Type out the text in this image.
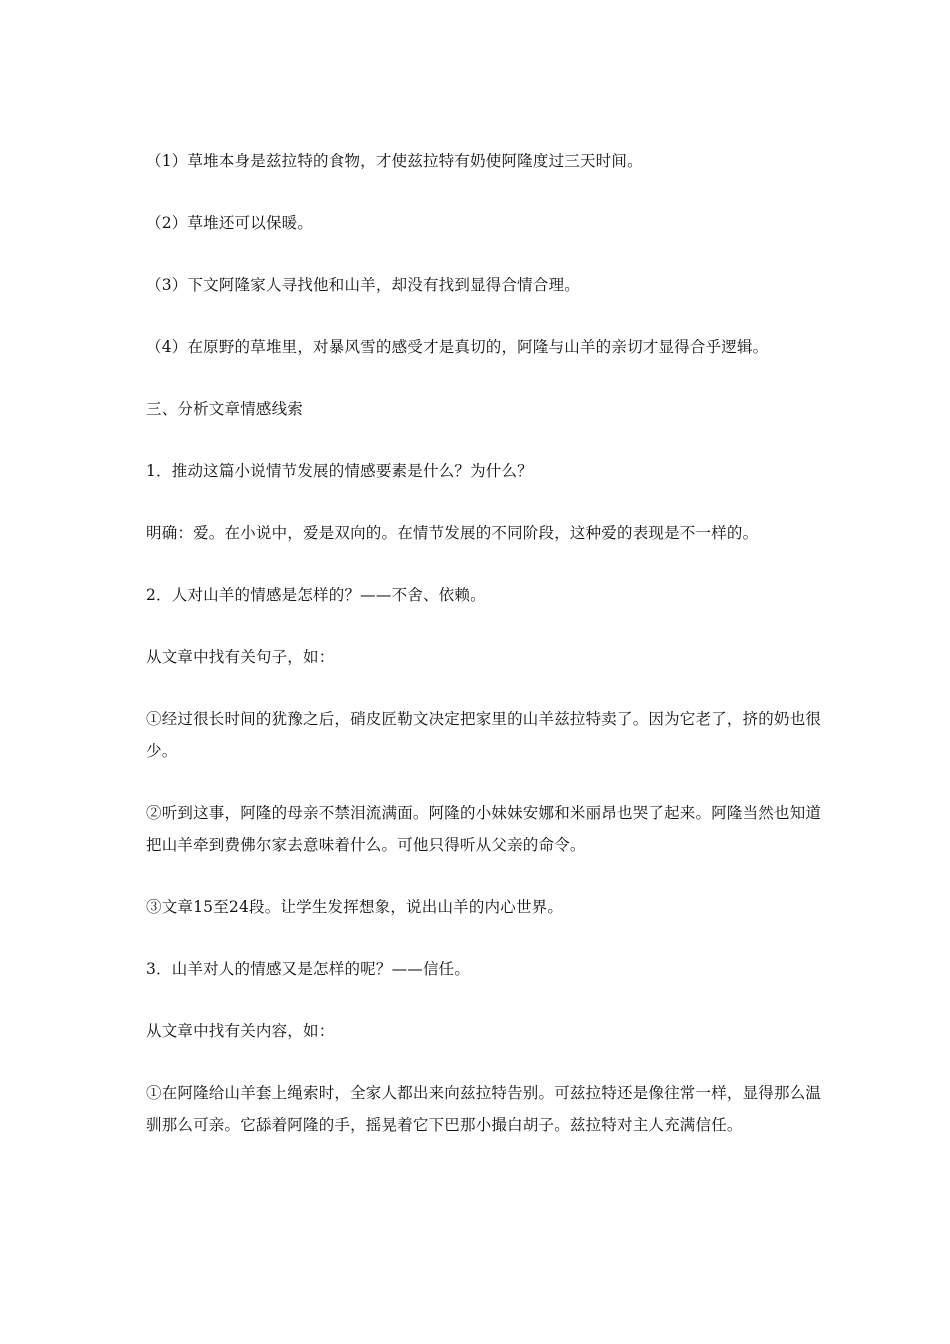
（1）草堆本身是兹拉特的食物，才使兹拉特有奶使阿隆度过三天时间。

（2）草堆还可以保暖。

（3）下文阿隆家人寻找他和山羊，却没有找到显得合情合理。

（4）在原野的草堆里，对暴风雪的感受才是真切的，阿隆与山羊的亲切才显得合乎逻辑。

三、分析文章情感线索

1．推动这篇小说情节发展的情感要素是什么？为什么？

明确：爱。在小说中，爱是双向的。在情节发展的不同阶段，这种爱的表现是不一样的。

2．人对山羊的情感是怎样的？——不舍、依赖。

从文章中找有关句子，如：

①经过很长时间的犹豫之后，硝皮匠勒文决定把家里的山羊兹拉特卖了。因为它老了，挤的奶也很少。

②听到这事，阿隆的母亲不禁泪流满面。阿隆的小妹妹安娜和米丽昂也哭了起来。阿隆当然也知道把山羊牵到费佛尔家去意味着什么。可他只得听从父亲的命令。

③文章15至24段。让学生发挥想象，说出山羊的内心世界。

3．山羊对人的情感又是怎样的呢？——信任。

从文章中找有关内容，如：

①在阿隆给山羊套上绳索时，全家人都出来向兹拉特告别。可兹拉特还是像往常一样，显得那么温驯那么可亲。它舔着阿隆的手，摇晃着它下巴那小撮白胡子。兹拉特对主人充满信任。
